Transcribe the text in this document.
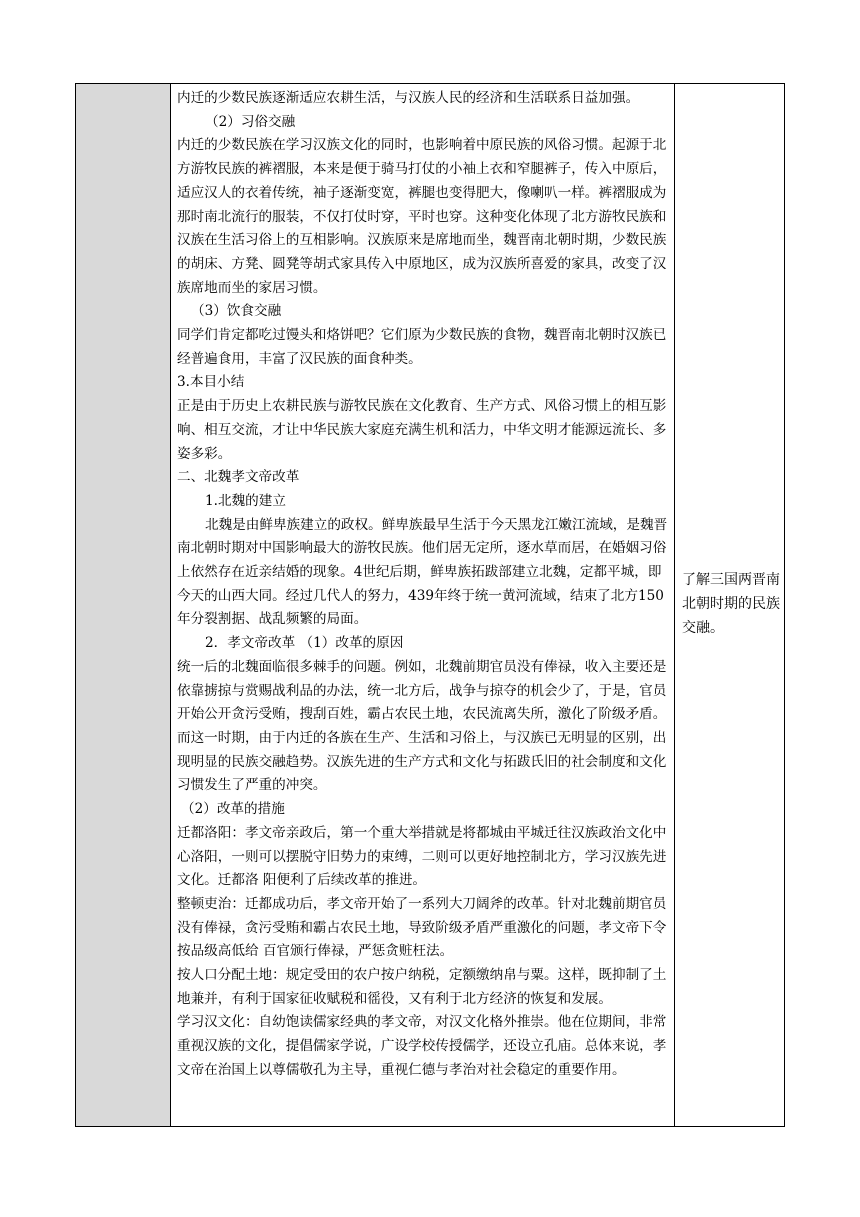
内迁的少数民族逐渐适应农耕生活，与汉族人民的经济和生活联系日益加强。

（2）习俗交融

内迁的少数民族在学习汉族文化的同时，也影响着中原民族的风俗习惯。起源于北方游牧民族的裤褶服，本来是便于骑马打仗的小袖上衣和窄腿裤子，传入中原后，适应汉人的衣着传统，袖子逐渐变宽，裤腿也变得肥大，像喇叭一样。裤褶服成为那时南北流行的服装，不仅打仗时穿，平时也穿。这种变化体现了北方游牧民族和汉族在生活习俗上的互相影响。汉族原来是席地而坐，魏晋南北朝时期，少数民族的胡床、方凳、圆凳等胡式家具传入中原地区，成为汉族所喜爱的家具，改变了汉族席地而坐的家居习惯。

（3）饮食交融

同学们肯定都吃过馒头和烙饼吧？它们原为少数民族的食物，魏晋南北朝时汉族已经普遍食用，丰富了汉民族的面食种类。

3.本目小结

正是由于历史上农耕民族与游牧民族在文化教育、生产方式、风俗习惯上的相互影响、相互交流，才让中华民族大家庭充满生机和活力，中华文明才能源远流长、多姿多彩。

二、北魏孝文帝改革

1.北魏的建立

北魏是由鲜卑族建立的政权。鲜卑族最早生活于今天黑龙江嫩江流域，是魏晋南北朝时期对中国影响最大的游牧民族。他们居无定所，逐水草而居，在婚姻习俗上依然存在近亲结婚的现象。4世纪后期，鲜卑族拓跋部建立北魏，定都平城，即今天的山西大同。经过几代人的努力，439年终于统一黄河流域，结束了北方150年分裂割据、战乱频繁的局面。

2．孝文帝改革 （1）改革的原因

统一后的北魏面临很多棘手的问题。例如，北魏前期官员没有俸禄，收入主要还是依靠掳掠与赏赐战利品的办法，统一北方后，战争与掠夺的机会少了，于是，官员开始公开贪污受贿，搜刮百姓，霸占农民土地，农民流离失所，激化了阶级矛盾。而这一时期，由于内迁的各族在生产、生活和习俗上，与汉族已无明显的区别，出现明显的民族交融趋势。汉族先进的生产方式和文化与拓跋氏旧的社会制度和文化习惯发生了严重的冲突。

（2）改革的措施

迁都洛阳：孝文帝亲政后，第一个重大举措就是将都城由平城迁往汉族政治文化中心洛阳，一则可以摆脱守旧势力的束缚，二则可以更好地控制北方，学习汉族先进文化。迁都洛 阳便利了后续改革的推进。

整顿吏治：迁都成功后，孝文帝开始了一系列大刀阔斧的改革。针对北魏前期官员没有俸禄，贪污受贿和霸占农民土地，导致阶级矛盾严重激化的问题，孝文帝下令按品级高低给 百官颁行俸禄，严惩贪赃枉法。

按人口分配土地：规定受田的农户按户纳税，定额缴纳帛与粟。这样，既抑制了土地兼并，有利于国家征收赋税和徭役，又有利于北方经济的恢复和发展。

学习汉文化：自幼饱读儒家经典的孝文帝，对汉文化格外推崇。他在位期间，非常重视汉族的文化，提倡儒家学说，广设学校传授儒学，还设立孔庙。总体来说，孝文帝在治国上以尊儒敬孔为主导，重视仁德与孝治对社会稳定的重要作用。

了解三国两晋南北朝时期的民族交融。
